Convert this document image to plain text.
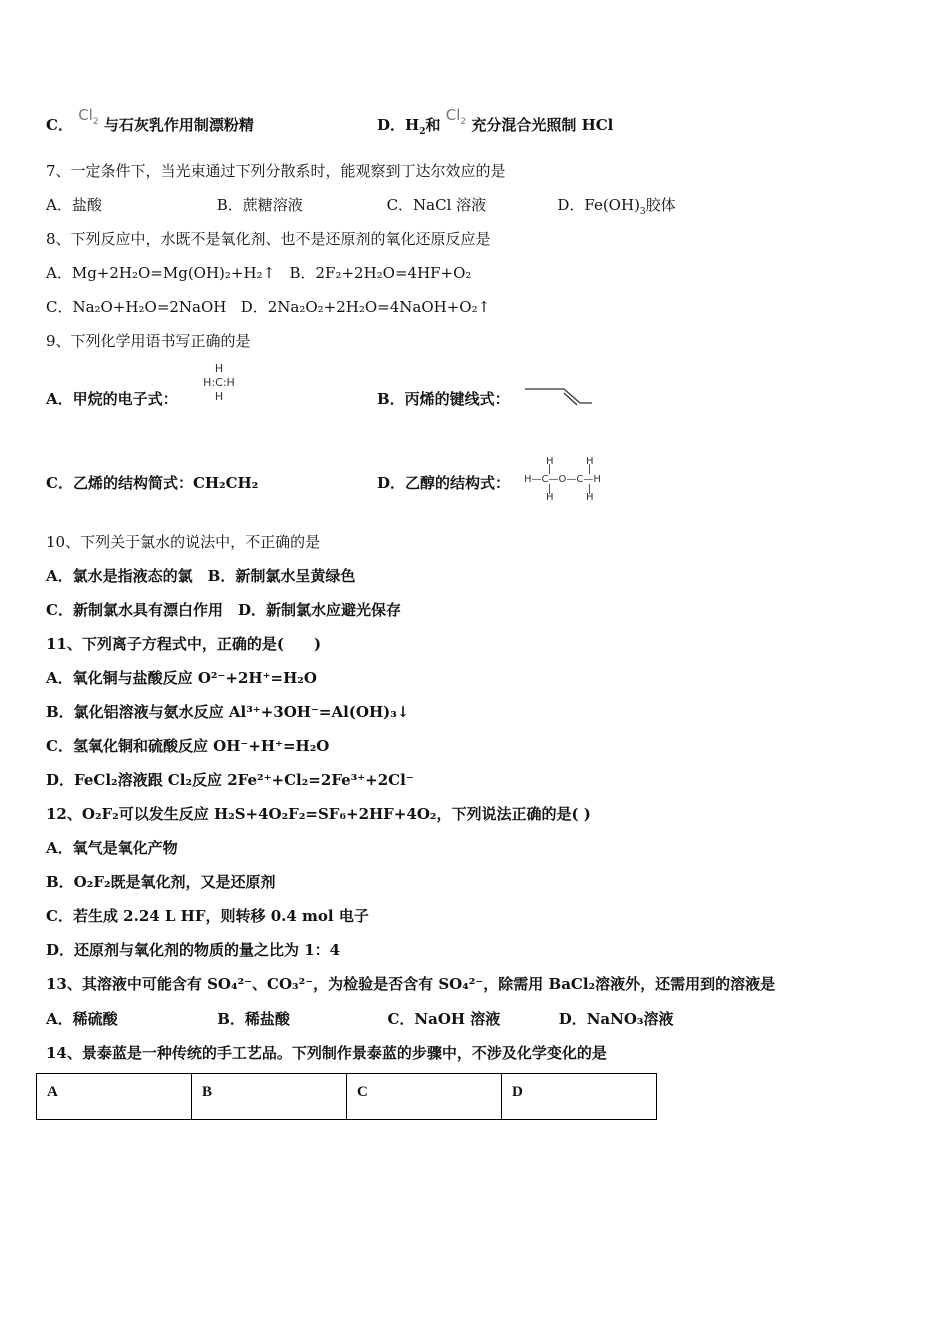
C． $Cl_2$ 与石灰乳作用制漂粉精	D．$H_2$和 $Cl_2$ 充分混合光照制 HCl
7、一定条件下，当光束通过下列分散系时，能观察到丁达尔效应的是
A．盐酸	B．蔗糖溶液	C．NaCl 溶液	D．$Fe(OH)_3$胶体
8、下列反应中，水既不是氧化剂、也不是还原剂的氧化还原反应是
A．Mg+2H₂O=Mg(OH)₂+H₂↑ B．2F₂+2H₂O=4HF+O₂
C．Na₂O+H₂O=2NaOH D．2Na₂O₂+2H₂O=4NaOH+O₂↑
9、下列化学用语书写正确的是
A．甲烷的电子式：
H
H:C:H
H	B．丙烯的键线式：
C．乙烯的结构简式：CH₂CH₂	D．乙醇的结构式：
H	H
H—C—O—C—H
H	H
10、下列关于氯水的说法中，不正确的是
A．氯水是指液态的氯　B．新制氯水呈黄绿色
C．新制氯水具有漂白作用　D．新制氯水应避光保存
11、下列离子方程式中，正确的是(　　)
A．氧化铜与盐酸反应 O²⁻+2H⁺=H₂O
B．氯化铝溶液与氨水反应 Al³⁺+3OH⁻=Al(OH)₃↓
C．氢氧化铜和硫酸反应 OH⁻+H⁺=H₂O
D．FeCl₂溶液跟 Cl₂反应 2Fe²⁺+Cl₂=2Fe³⁺+2Cl⁻
12、O₂F₂可以发生反应 H₂S+4O₂F₂=SF₆+2HF+4O₂，下列说法正确的是( )
A．氧气是氧化产物
B．O₂F₂既是氧化剂，又是还原剂
C．若生成 2.24 L HF，则转移 0.4 mol 电子
D．还原剂与氧化剂的物质的量之比为 1：4
13、其溶液中可能含有 SO₄²⁻、CO₃²⁻，为检验是否含有 SO₄²⁻，除需用 BaCl₂溶液外，还需用到的溶液是
A．稀硫酸	B．稀盐酸	C．NaOH 溶液	D．NaNO₃溶液
14、景泰蓝是一种传统的手工艺品。下列制作景泰蓝的步骤中，不涉及化学变化的是
A	B	C	D
